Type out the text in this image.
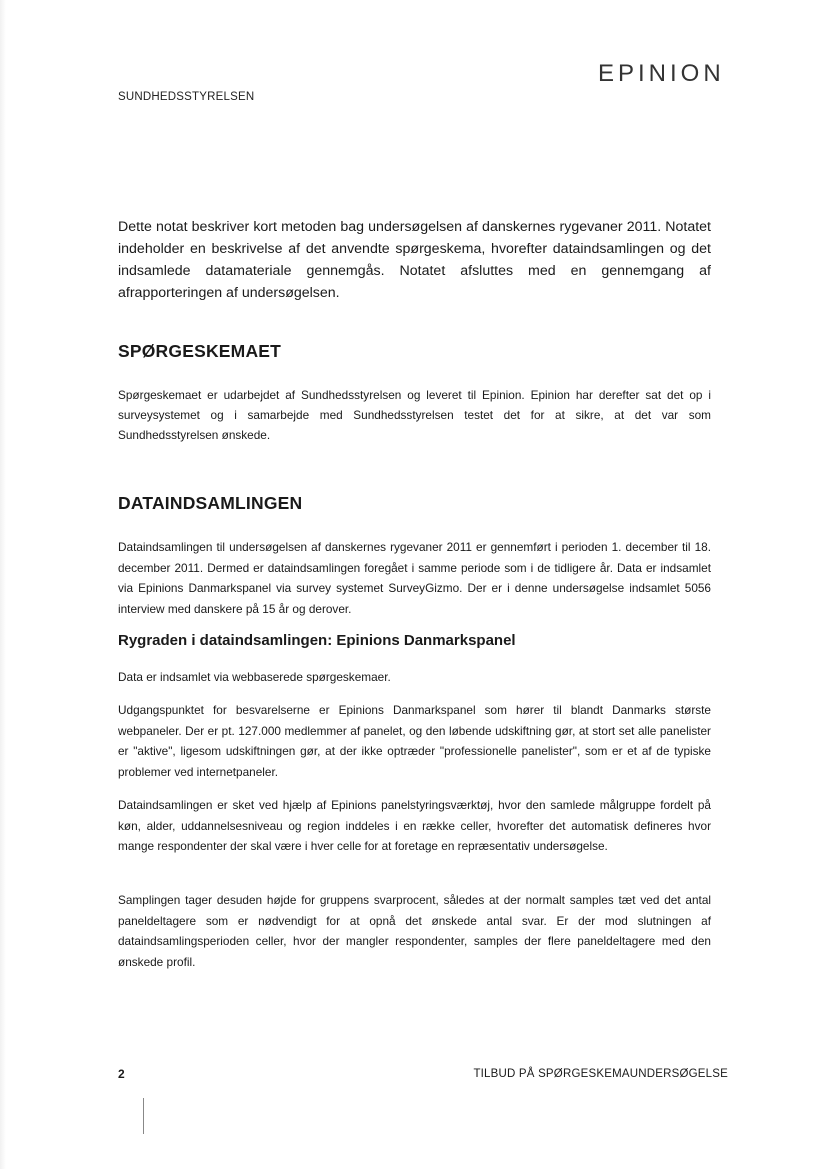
EPINION
SUNDHEDSSTYRELSEN

Dette notat beskriver kort metoden bag undersøgelsen af danskernes rygevaner 2011. Notatet indeholder en beskrivelse af det anvendte spørgeskema, hvorefter dataindsamlingen og det indsamlede datamateriale gennemgås. Notatet afsluttes med en gennemgang af afrapporteringen af undersøgelsen.

SPØRGESKEMAET

Spørgeskemaet er udarbejdet af Sundhedsstyrelsen og leveret til Epinion. Epinion har derefter sat det op i surveysystemet og i samarbejde med Sundhedsstyrelsen testet det for at sikre, at det var som Sundhedsstyrelsen ønskede.

DATAINDSAMLINGEN

Dataindsamlingen til undersøgelsen af danskernes rygevaner 2011 er gennemført i perioden 1. december til 18. december 2011. Dermed er dataindsamlingen foregået i samme periode som i de tidligere år. Data er indsamlet via Epinions Danmarkspanel via survey systemet SurveyGizmo. Der er i denne undersøgelse indsamlet 5056 interview med danskere på 15 år og derover.

Rygraden i dataindsamlingen: Epinions Danmarkspanel

Data er indsamlet via webbaserede spørgeskemaer.

Udgangspunktet for besvarelserne er Epinions Danmarkspanel som hører til blandt Danmarks største webpaneler. Der er pt. 127.000 medlemmer af panelet, og den løbende udskiftning gør, at stort set alle panelister er "aktive", ligesom udskiftningen gør, at der ikke optræder "professionelle panelister", som er et af de typiske problemer ved internetpaneler.

Dataindsamlingen er sket ved hjælp af Epinions panelstyringsværktøj, hvor den samlede målgruppe fordelt på køn, alder, uddannelsesniveau og region inddeles i en række celler, hvorefter det automatisk defineres hvor mange respondenter der skal være i hver celle for at foretage en repræsentativ undersøgelse.

Samplingen tager desuden højde for gruppens svarprocent, således at der normalt samples tæt ved det antal paneldeltagere som er nødvendigt for at opnå det ønskede antal svar. Er der mod slutningen af dataindsamlingsperioden celler, hvor der mangler respondenter, samples der flere paneldeltagere med den ønskede profil.

2	TILBUD PÅ SPØRGESKEMAUNDERSØGELSE
